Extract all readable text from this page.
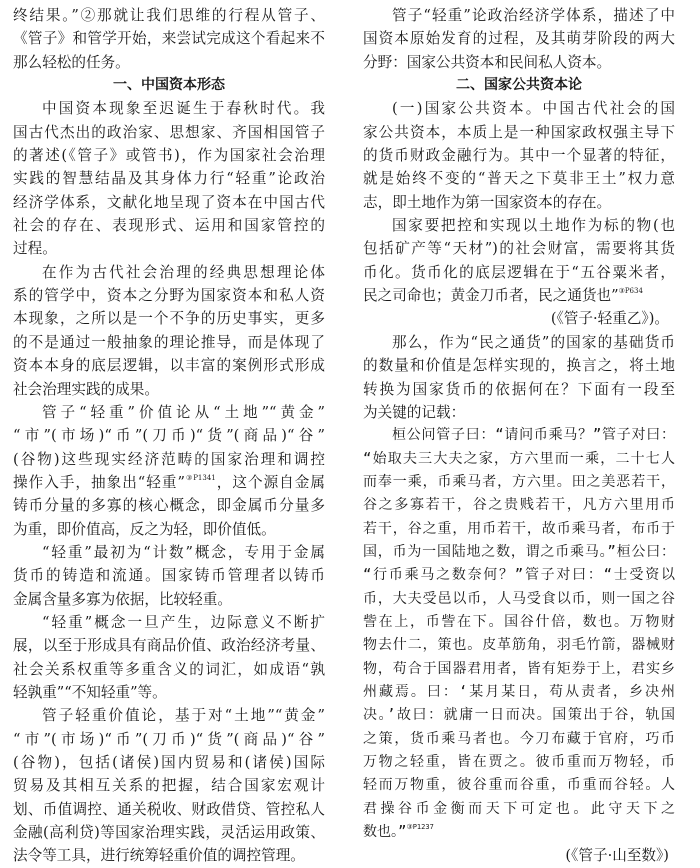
终结果。”②那就让我们思维的行程从管子、
《管子》和管学开始，来尝试完成这个看起来不
那么轻松的任务。
一、中国资本形态
中国资本现象至迟诞生于春秋时代。我
国古代杰出的政治家、思想家、齐国相国管子
的著述(《管子》或管书)，作为国家社会治理
实践的智慧结晶及其身体力行“轻重”论政治
经济学体系，文献化地呈现了资本在中国古代
社会的存在、表现形式、运用和国家管控的
过程。
在作为古代社会治理的经典思想理论体
系的管学中，资本之分野为国家资本和私人资
本现象，之所以是一个不争的历史事实，更多
的不是通过一般抽象的理论推导，而是体现了
资本本身的底层逻辑，以丰富的案例形式形成
社会治理实践的成果。
管子“轻重”价值论从“土地”“黄金”
“市”(市场)“币”(刀币)“货”(商品)“谷”
(谷物)这些现实经济范畴的国家治理和调控
操作入手，抽象出“轻重”$^{③P1341}$，这个源自金属
铸币分量的多寡的核心概念，即金属币分量多
为重，即价值高，反之为轻，即价值低。
“轻重”最初为“计数”概念，专用于金属
货币的铸造和流通。国家铸币管理者以铸币
金属含量多寡为依据，比较轻重。
“轻重”概念一旦产生，边际意义不断扩
展，以至于形成具有商品价值、政治经济考量、
社会关系权重等多重含义的词汇，如成语“孰
轻孰重”“不知轻重”等。
管子轻重价值论，基于对“土地”“黄金”
“市”(市场)“币”(刀币)“货”(商品)“谷”
(谷物)，包括(诸侯)国内贸易和(诸侯)国际
贸易及其相互关系的把握，结合国家宏观计
划、币值调控、通关税收、财政借贷、管控私人
金融(高利贷)等国家治理实践，灵活运用政策、
法令等工具，进行统筹轻重价值的调控管理。
管子“轻重”论政治经济学体系，描述了中
国资本原始发育的过程，及其萌芽阶段的两大
分野：国家公共资本和民间私人资本。
二、国家公共资本论
(一)国家公共资本。中国古代社会的国
家公共资本，本质上是一种国家政权强主导下
的货币财政金融行为。其中一个显著的特征，
就是始终不变的“普天之下莫非王土”权力意
志，即土地作为第一国家资本的存在。
国家要把控和实现以土地作为标的物(也
包括矿产等“天材”)的社会财富，需要将其货
币化。货币化的底层逻辑在于“五谷粟米者，
民之司命也；黄金刀币者，民之通货也”$^{③P634}$
(《管子·轻重乙》)。
那么，作为“民之通货”的国家的基础货币
的数量和价值是怎样实现的，换言之，将土地
转换为国家货币的依据何在？下面有一段至
为关键的记载：
桓公问管子曰：“请问币乘马？”管子对曰：
“始取夫三大夫之家，方六里而一乘，二十七人
而奉一乘，币乘马者，方六里。田之美恶若干，
谷之多寡若干，谷之贵贱若干，凡方六里用币
若干，谷之重，用币若干，故币乘马者，布币于
国，币为一国陆地之数，谓之币乘马。”桓公曰：
“行币乘马之数奈何？”管子对曰：“士受资以
币，大夫受邑以币，人马受食以币，则一国之谷
訾在上，币訾在下。国谷什倍，数也。万物财
物去什二，策也。皮革筋角，羽毛竹箭，器械财
物，苟合于国器君用者，皆有矩券于上，君实乡
州藏焉。曰：‘某月某日，苟从责者，乡决州
决。’故曰：就庸一日而决。国策出于谷，轨国
之策，货币乘马者也。今刀布藏于官府，巧币
万物之轻重，皆在贾之。彼币重而万物轻，币
轻而万物重，彼谷重而谷重，币重而谷轻。人
君操谷币金衡而天下可定也。此守天下之
数也。”$^{③P1237}$
(《管子·山至数》)
